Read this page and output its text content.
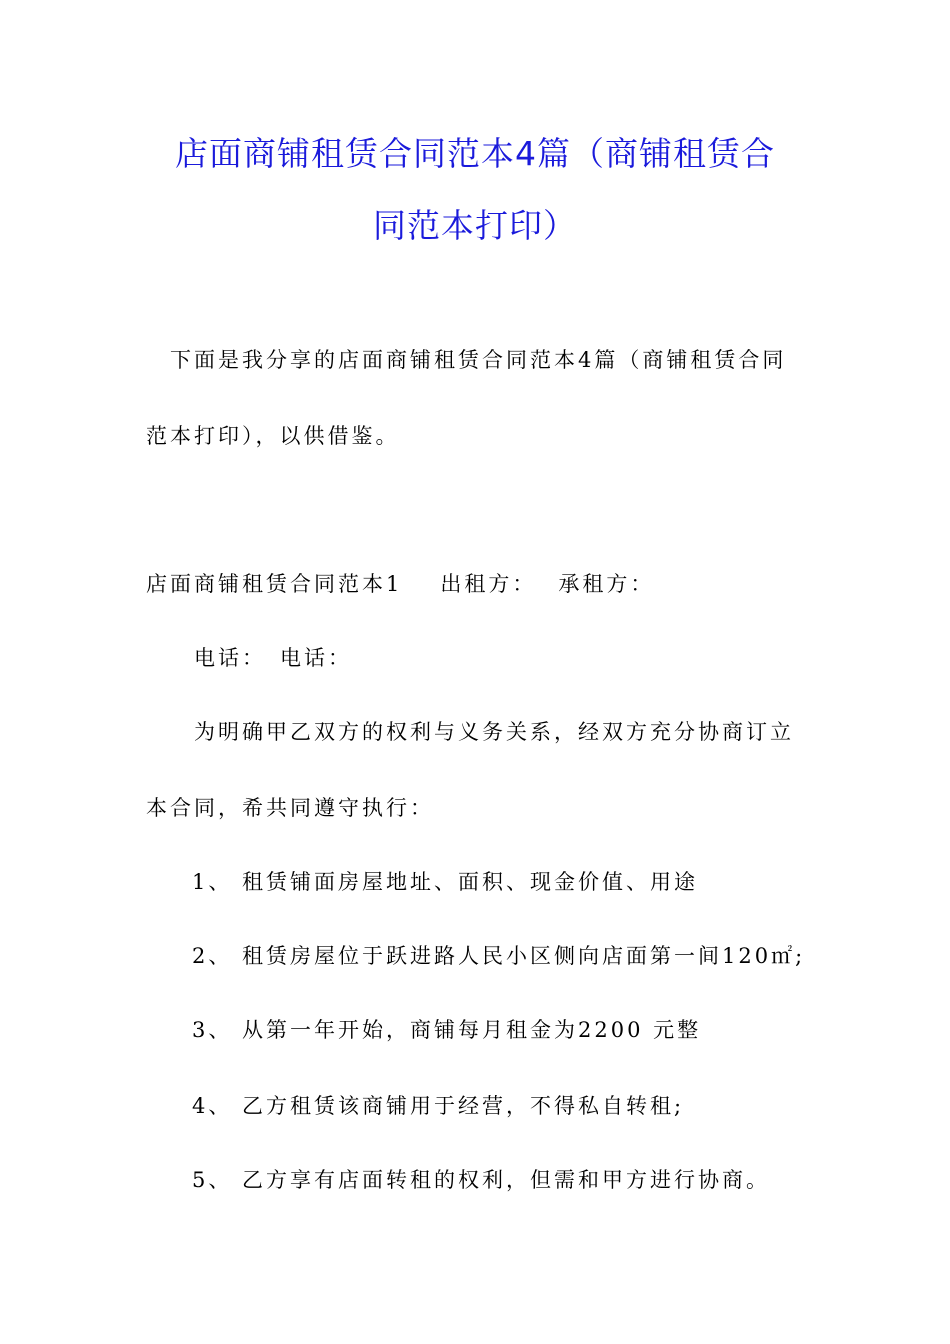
店面商铺租赁合同范本4篇（商铺租赁合
同范本打印）
下面是我分享的店面商铺租赁合同范本4篇（商铺租赁合同
范本打印），以供借鉴。
店面商铺租赁合同范本1 出租方： 承租方：
电话： 电话：
为明确甲乙双方的权利与义务关系，经双方充分协商订立
本合同，希共同遵守执行：
1、 租赁铺面房屋地址、面积、现金价值、用途
2、 租赁房屋位于跃进路人民小区侧向店面第一间120㎡;
3、 从第一年开始，商铺每月租金为2200 元整
4、 乙方租赁该商铺用于经营，不得私自转租;
5、 乙方享有店面转租的权利，但需和甲方进行协商。
